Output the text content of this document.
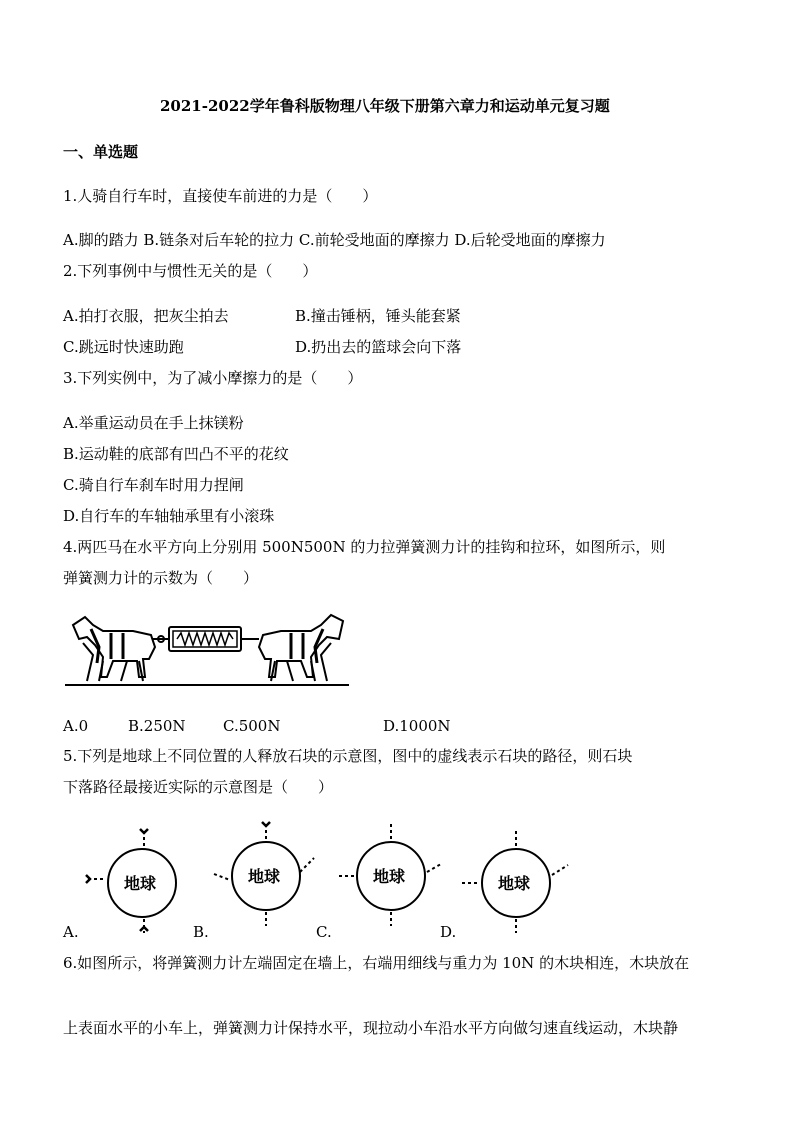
2021-2022学年鲁科版物理八年级下册第六章力和运动单元复习题
一、单选题
1.人骑自行车时，直接使车前进的力是（　　）
A.脚的踏力 B.链条对后车轮的拉力 C.前轮受地面的摩擦力 D.后轮受地面的摩擦力
2.下列事例中与惯性无关的是（　　）
A.拍打衣服，把灰尘拍去	B.撞击锤柄，锤头能套紧
C.跳远时快速助跑	D.扔出去的篮球会向下落
3.下列实例中，为了减小摩擦力的是（　　）
A.举重运动员在手上抹镁粉
B.运动鞋的底部有凹凸不平的花纹
C.骑自行车刹车时用力捏闸
D.自行车的车轴轴承里有小滚珠
4.两匹马在水平方向上分别用 500N500N 的力拉弹簧测力计的挂钩和拉环，如图所示，则
弹簧测力计的示数为（　　）
A.0	B.250N C.500N	D.1000N
5.下列是地球上不同位置的人释放石块的示意图，图中的虚线表示石块的路径，则石块
下落路径最接近实际的示意图是（　　）
地球
A.
地球
B.
地球
C.
地球
D.
6.如图所示，将弹簧测力计左端固定在墙上，右端用细线与重力为 10N 的木块相连，木块放在
上表面水平的小车上，弹簧测力计保持水平，现拉动小车沿水平方向做匀速直线运动，木块静
